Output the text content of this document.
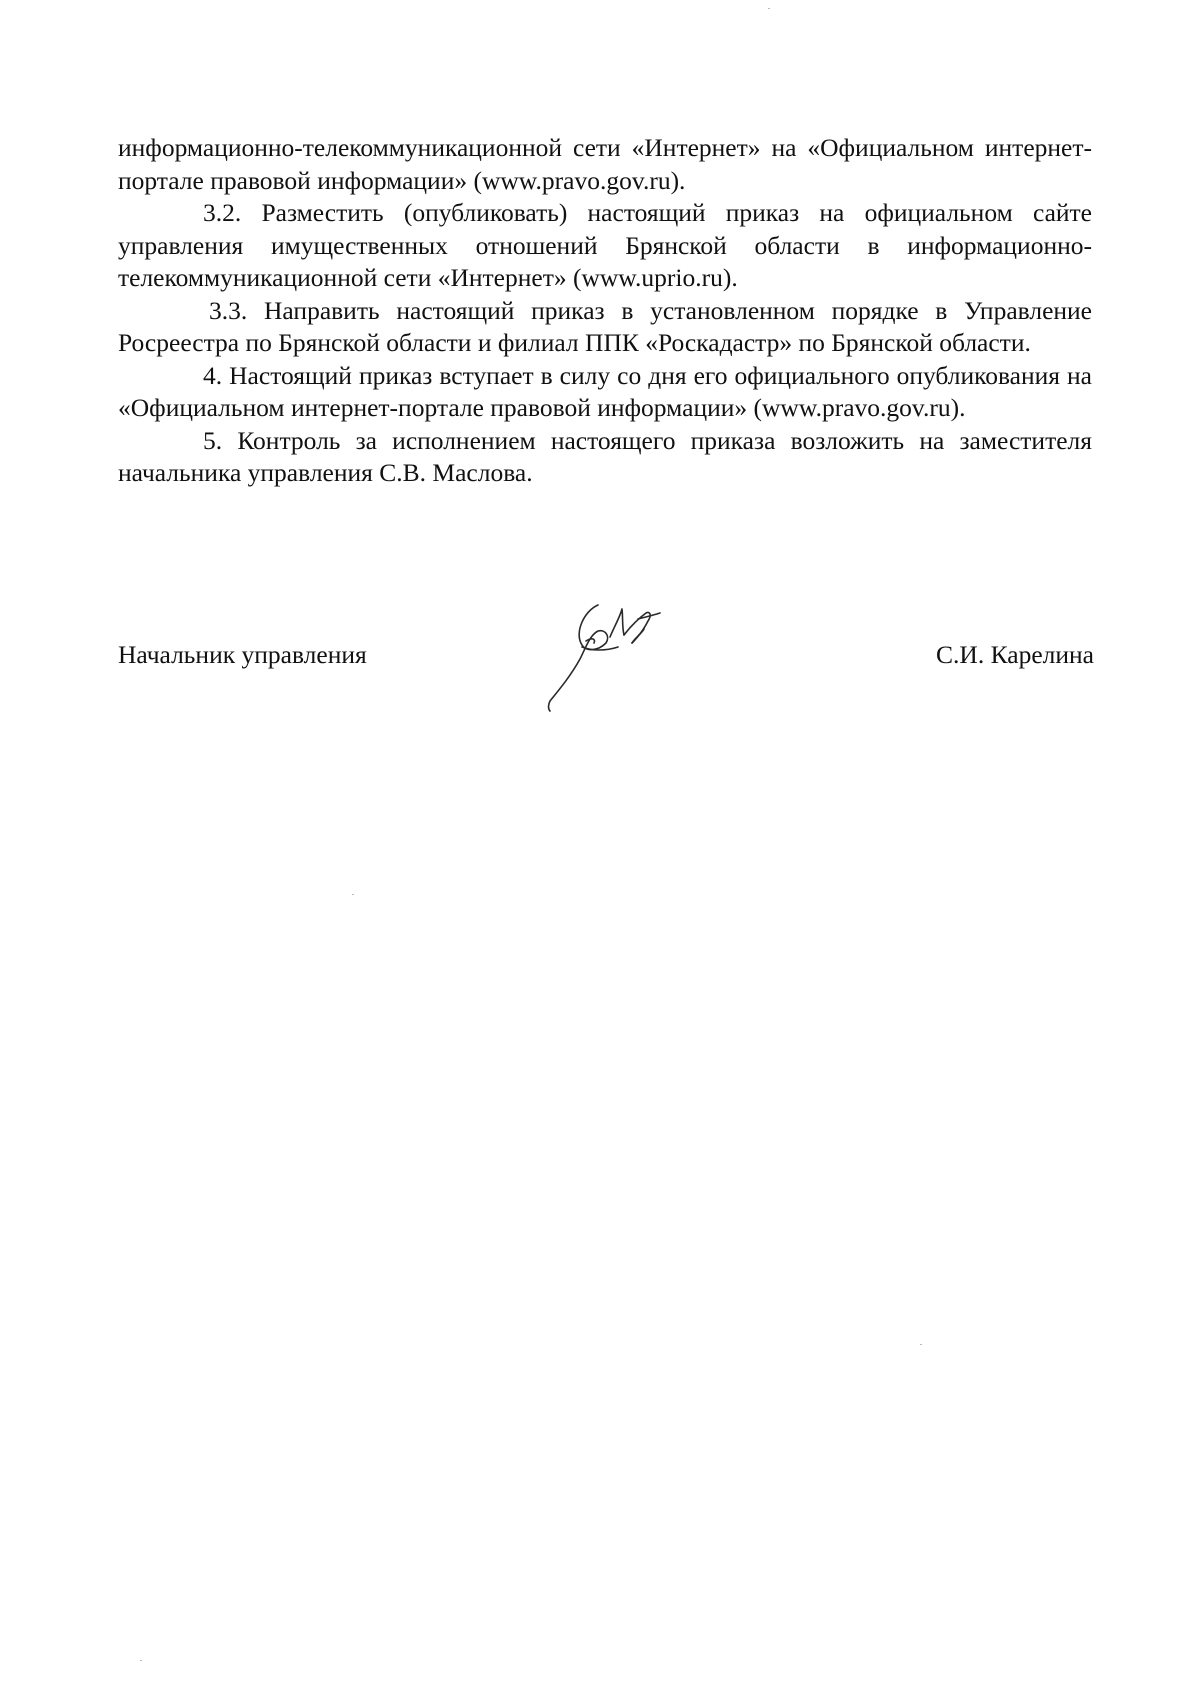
информационно-телекоммуникационной сети «Интернет» на «Официальном интернет-портале правовой информации» (www.pravo.gov.ru).

3.2. Разместить (опубликовать) настоящий приказ на официальном сайте управления имущественных отношений Брянской области в информационно-телекоммуникационной сети «Интернет» (www.uprio.ru).

3.3. Направить настоящий приказ в установленном порядке в Управление Росреестра по Брянской области и филиал ППК «Роскадастр» по Брянской области.

4. Настоящий приказ вступает в силу со дня его официального опубликования на «Официальном интернет-портале правовой информации» (www.pravo.gov.ru).

5. Контроль за исполнением настоящего приказа возложить на заместителя начальника управления С.В. Маслова.

Начальник управления	С.И. Карелина
